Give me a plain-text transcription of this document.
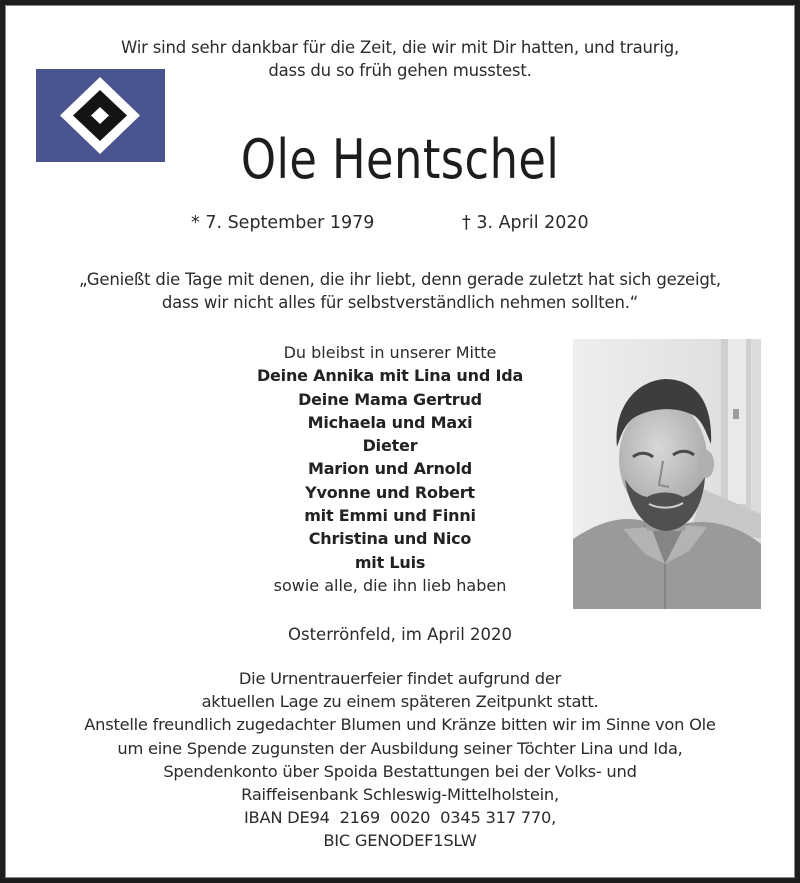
Wir sind sehr dankbar für die Zeit, die wir mit Dir hatten, und traurig,
dass du so früh gehen musstest.
Ole Hentschel
* 7. September 1979	† 3. April 2020
„Genießt die Tage mit denen, die ihr liebt, denn gerade zuletzt hat sich gezeigt,
dass wir nicht alles für selbstverständlich nehmen sollten.“
Du bleibst in unserer Mitte
Deine Annika mit Lina und Ida
Deine Mama Gertrud
Michaela und Maxi
Dieter
Marion und Arnold
Yvonne und Robert
mit Emmi und Finni
Christina und Nico
mit Luis
sowie alle, die ihn lieb haben
Osterrönfeld, im April 2020
Die Urnentrauerfeier findet aufgrund der
aktuellen Lage zu einem späteren Zeitpunkt statt.
Anstelle freundlich zugedachter Blumen und Kränze bitten wir im Sinne von Ole
um eine Spende zugunsten der Ausbildung seiner Töchter Lina und Ida,
Spendenkonto über Spoida Bestattungen bei der Volks- und
Raiffeisenbank Schleswig-Mittelholstein,
IBAN DE94  2169  0020  0345 317 770,
BIC GENODEF1SLW
